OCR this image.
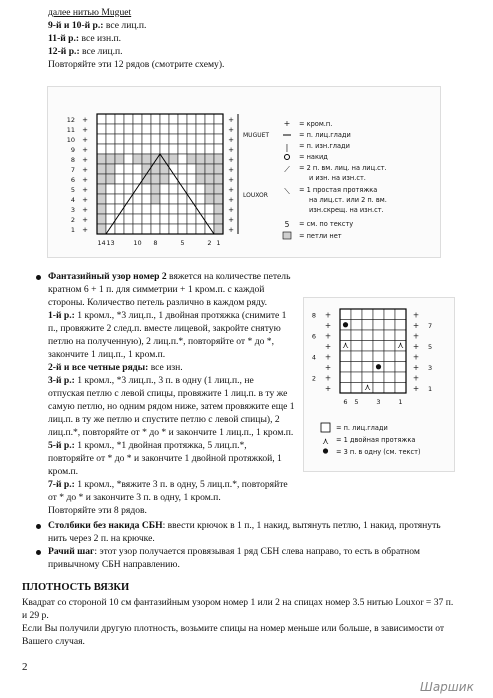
далее нитью Muguet
9-й и 10-й р.: все лиц.п.
11-й р.: все изн.п.
12-й р.: все лиц.п.
Повторяйте эти 12 рядов (смотрите схему).
12 +
11 +
10 +
9 +
8 +
7 +
6 +
5 +
4 +
3 +
2 +
1 +
+
+
+
+
+
+
+
+
+
+
+
+
MUGUET
LOUXOR
14 13	10 8	5	2 1
= кром.п.
= п. лиц.глади
= п. изн.глади
= накид
= 2 п. вм. лиц. на лиц.ст.
и изн. на изн.ст.
= 1 простая протяжка
на лиц.ст. или 2 п. вм.
изн.скрещ. на изн.ст.
= см. по тексту
= петли нет
+
|
⟋
⟍
5
Фантазийный узор номер 2 вяжется на количестве петель
кратном 6 + 1 п. для симметрии + 1 кром.п. с каждой
стороны. Количество петель различно в каждом ряду.
1-й р.: 1 кромл., *3 лиц.п., 1 двойная протяжка (снимите 1
п., провяжите 2 след.п. вместе лицевой, закройте снятую
петлю на полученную), 2 лиц.п.*, повторяйте от * до *,
закончите 1 лиц.п., 1 кром.п.
2-й и все четные ряды: все изн.
3-й р.: 1 кромл., *3 лиц.п., 3 п. в одну (1 лиц.п., не
отпуская петлю с левой спицы, провяжите 1 лиц.п. в ту же
самую петлю, но одним рядом ниже, затем провяжите еще 1
лиц.п. в ту же петлю и спустите петлю с левой спицы), 2
лиц.п.*, повторяйте от * до * и закончите 1 лиц.п., 1 кром.п.
5-й р.: 1 кромл., *1 двойная протяжка, 5 лиц.п.*,
повторяйте от * до * и закончите 1 двойной протяжкой, 1
кром.п.
7-й р.: 1 кромл., *вяжите 3 п. в одну, 5 лиц.п.*, повторяйте
от * до * и закончите 3 п. в одну, 1 кром.п.
Повторяйте эти 8 рядов.
⋏	⋏
⋏
8 +
+
6 +
+
4 +
+
2 +
+
+
+ 7
+
+ 5
+
+ 3
+
+ 1
6 5	3	1
⋏
= п. лиц.глади
= 1 двойная протяжка
= 3 п. в одну (см. текст)
Столбики без накида СБН: ввести крючок в 1 п., 1 накид, вытянуть петлю, 1 накид, протянуть
нить через 2 п. на крючке.
Рачий шаг: этот узор получается провязывая 1 ряд СБН слева направо, то есть в обратном
привычному СБН направлению.
ПЛОТНОСТЬ ВЯЗКИ
Квадрат со стороной 10 см фантазийным узором номер 1 или 2 на спицах номер 3.5 нитью Louxor = 37 п.
и 29 р.
Если Вы получили другую плотность, возьмите спицы на номер меньше или больше, в зависимости от
Вашего случая.
2
Шаршик
